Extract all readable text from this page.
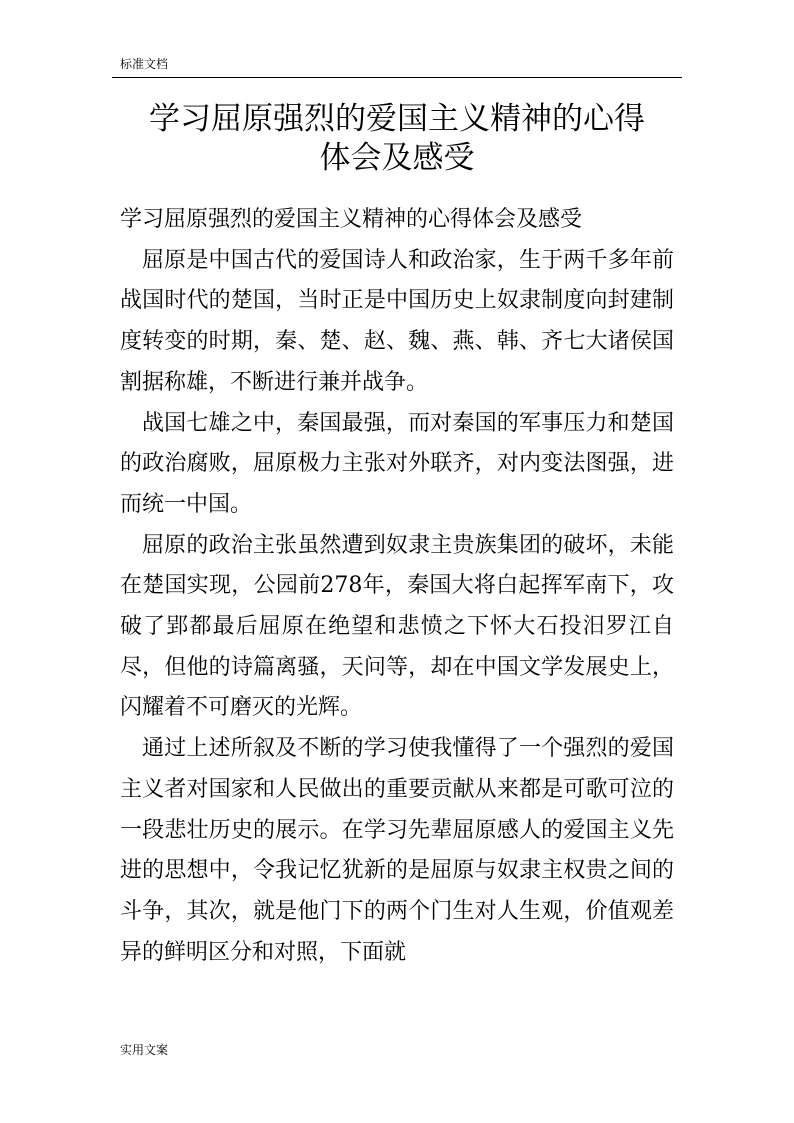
标准文档
学习屈原强烈的爱国主义精神的心得
体会及感受

学习屈原强烈的爱国主义精神的心得体会及感受

屈原是中国古代的爱国诗人和政治家，生于两千多年前战国时代的楚国，当时正是中国历史上奴隶制度向封建制度转变的时期，秦、楚、赵、魏、燕、韩、齐七大诸侯国割据称雄，不断进行兼并战争。

战国七雄之中，秦国最强，而对秦国的军事压力和楚国的政治腐败，屈原极力主张对外联齐，对内变法图强，进而统一中国。

屈原的政治主张虽然遭到奴隶主贵族集团的破坏，未能在楚国实现，公园前278年，秦国大将白起挥军南下，攻破了郢都最后屈原在绝望和悲愤之下怀大石投汨罗江自尽，但他的诗篇离骚，天问等，却在中国文学发展史上，闪耀着不可磨灭的光辉。

通过上述所叙及不断的学习使我懂得了一个强烈的爱国主义者对国家和人民做出的重要贡献从来都是可歌可泣的一段悲壮历史的展示。在学习先辈屈原感人的爱国主义先进的思想中，令我记忆犹新的是屈原与奴隶主权贵之间的斗争，其次，就是他门下的两个门生对人生观，价值观差异的鲜明区分和对照，下面就

实用文案
